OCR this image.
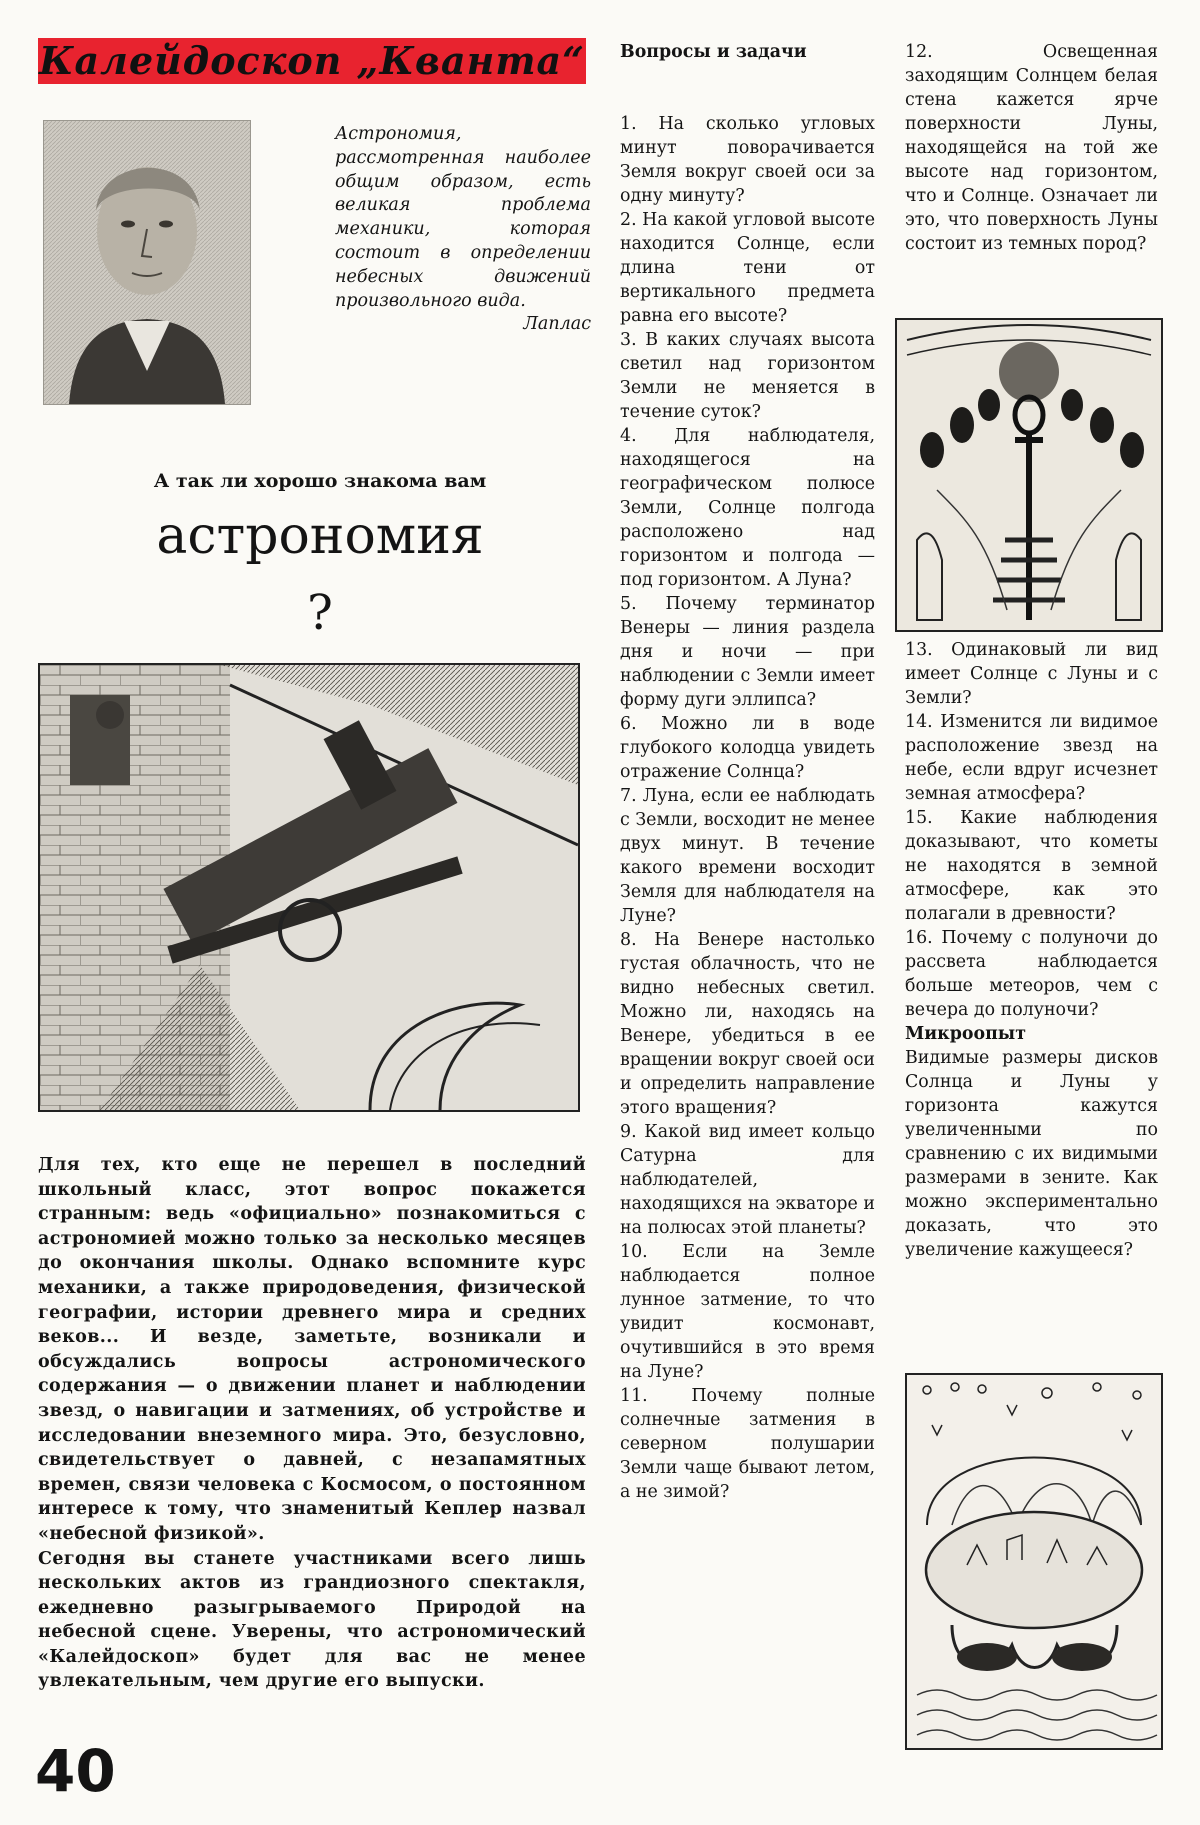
Калейдоскоп „Кванта“
Астрономия, рассмотренная наиболее общим образом, есть великая проблема механики, которая состоит в определении небесных движений произвольного вида.
Лаплас
А так ли хорошо знакома вам
астрономия
?

Для тех, кто еще не перешел в последний школьный класс, этот вопрос покажется странным: ведь «официально» познакомиться с астрономией можно только за несколько месяцев до окончания школы. Однако вспомните курс механики, а также природоведения, физической географии, истории древнего мира и средних веков... И везде, заметьте, возникали и обсуждались вопросы астрономического содержания — о движении планет и наблюдении звезд, о навигации и затмениях, об устройстве и исследовании внеземного мира. Это, безусловно, свидетельствует о давней, с незапамятных времен, связи человека с Космосом, о постоянном интересе к тому, что знаменитый Кеплер назвал «небесной физикой».

Сегодня вы станете участниками всего лишь нескольких актов из грандиозного спектакля, ежедневно разыгрываемого Природой на небесной сцене. Уверены, что астрономический «Калейдоскоп» будет для вас не менее увлекательным, чем другие его выпуски.

40
Вопросы и задачи

1. На сколько угловых минут поворачивается Земля вокруг своей оси за одну минуту?

2. На какой угловой высоте находится Солнце, если длина тени от вертикального предмета равна его высоте?

3. В каких случаях высота светил над горизонтом Земли не меняется в течение суток?

4. Для наблюдателя, находящегося на географическом полюсе Земли, Солнце полгода расположено над горизонтом и полгода — под горизонтом. А Луна?

5. Почему терминатор Венеры — линия раздела дня и ночи — при наблюдении с Земли имеет форму дуги эллипса?

6. Можно ли в воде глубокого колодца увидеть отражение Солнца?

7. Луна, если ее наблюдать с Земли, восходит не менее двух минут. В течение какого времени восходит Земля для наблюдателя на Луне?

8. На Венере настолько густая облачность, что не видно небесных светил. Можно ли, находясь на Венере, убедиться в ее вращении вокруг своей оси и определить направление этого вращения?

9. Какой вид имеет кольцо Сатурна для наблюдателей, находящихся на экваторе и на полюсах этой планеты?

10. Если на Земле наблюдается полное лунное затмение, то что увидит космонавт, очутившийся в это время на Луне?

11. Почему полные солнечные затмения в северном полушарии Земли чаще бывают летом, а не зимой?

12. Освещенная заходящим Солнцем белая стена кажется ярче поверхности Луны, находящейся на той же высоте над горизонтом, что и Солнце. Означает ли это, что поверхность Луны состоит из темных пород?

13. Одинаковый ли вид имеет Солнце с Луны и с Земли?

14. Изменится ли видимое расположение звезд на небе, если вдруг исчезнет земная атмосфера?

15. Какие наблюдения доказывают, что кометы не находятся в земной атмосфере, как это полагали в древности?

16. Почему с полуночи до рассвета наблюдается больше метеоров, чем с вечера до полуночи?

Микроопыт

Видимые размеры дисков Солнца и Луны у горизонта кажутся увеличенными по сравнению с их видимыми размерами в зените. Как можно экспериментально доказать, что это увеличение кажущееся?
